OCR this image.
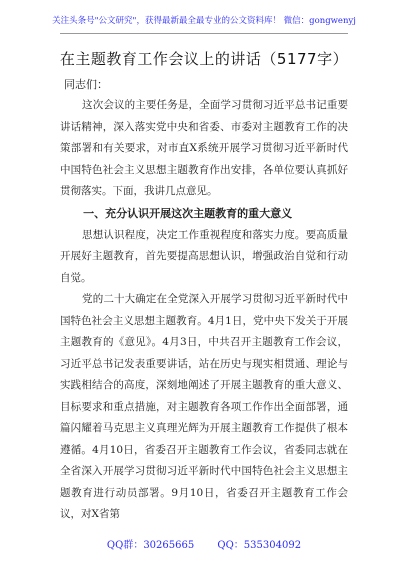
关注头条号"公文研究"，获得最新最全最专业的公文资料库！ 微信：gongwenyj
在主题教育工作会议上的讲话（5177字）
同志们：

这次会议的主要任务是，全面学习贯彻习近平总书记重要讲话精神，深入落实党中央和省委、市委对主题教育工作的决策部署和有关要求，对市直X系统开展学习贯彻习近平新时代中国特色社会主义思想主题教育作出安排，各单位要认真抓好贯彻落实。下面，我讲几点意见。

一、充分认识开展这次主题教育的重大意义

思想认识程度，决定工作重视程度和落实力度。要高质量开展好主题教育，首先要提高思想认识，增强政治自觉和行动自觉。

党的二十大确定在全党深入开展学习贯彻习近平新时代中国特色社会主义思想主题教育。4月1日，党中央下发关于开展主题教育的《意见》。4月3日，中共召开主题教育工作会议，习近平总书记发表重要讲话，站在历史与现实相贯通、理论与实践相结合的高度，深刻地阐述了开展主题教育的重大意义、目标要求和重点措施，对主题教育各项工作作出全面部署，通篇闪耀着马克思主义真理光辉为开展主题教育工作提供了根本遵循。4月10日，省委召开主题教育工作会议，省委同志就在全省深入开展学习贯彻习近平新时代中国特色社会主义思想主题教育进行动员部署。9月10日，省委召开主题教育工作会议，对X省第

QQ群：30265665 QQ：535304092
